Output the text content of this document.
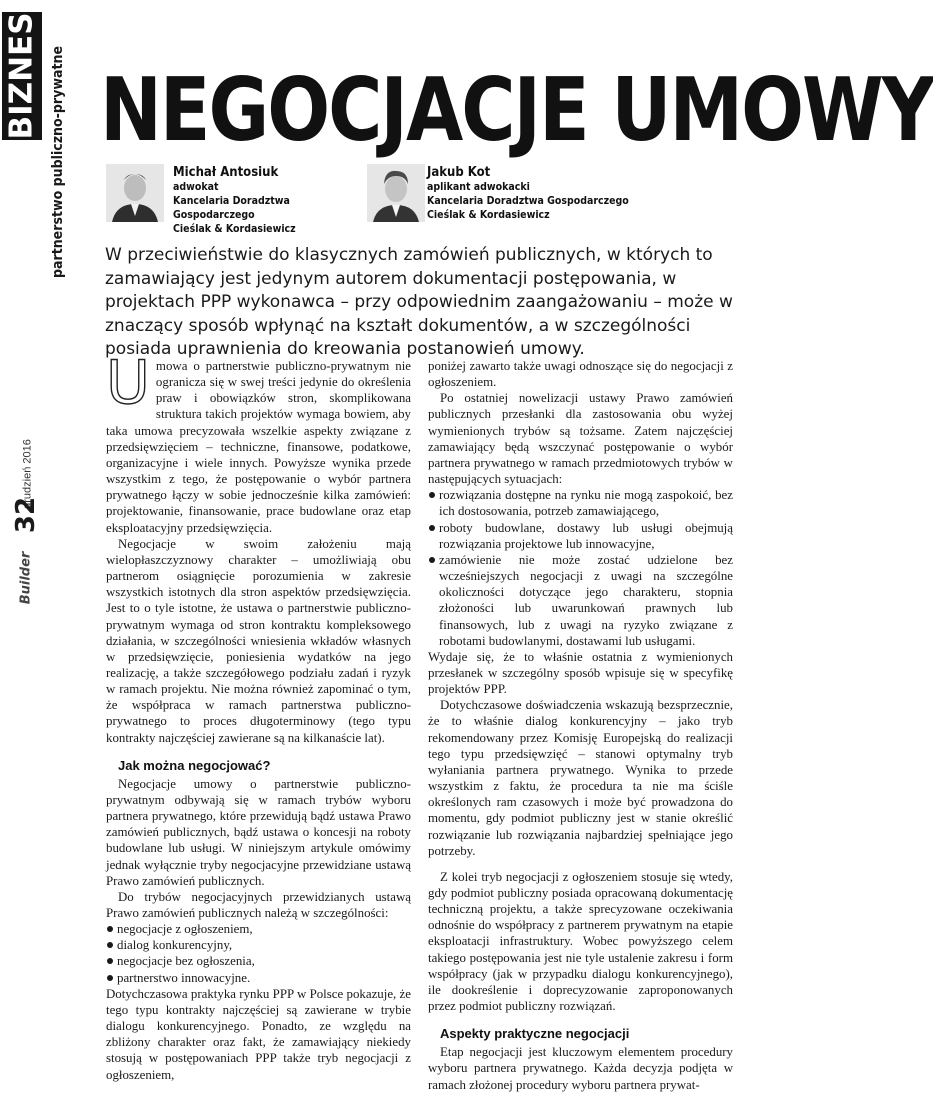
BIZNES partnerstwo publiczno-prywatne
grudzień 2016
32
Builder
NEGOCJACJE UMOWY
Michał Antosiuk
adwokat
Kancelaria Doradztwa Gospodarczego
Cieślak & Kordasiewicz
Jakub Kot
aplikant adwokacki
Kancelaria Doradztwa Gospodarczego
Cieślak & Kordasiewicz
W przeciwieństwie do klasycznych zamówień publicznych, w których to zamawiający jest jedynym autorem dokumentacji postępowania, w projektach PPP wykonawca – przy odpowiednim zaangażowaniu – może w znaczący sposób wpłynąć na kształt dokumentów, a w szczególności posiada uprawnienia do kreowania postanowień umowy.

Umowa o partnerstwie publiczno-prywatnym nie ogranicza się w swej treści jedynie do określenia praw i obowiązków stron, skomplikowana struktura takich projektów wymaga bowiem, aby taka umowa precyzowała wszelkie aspekty związane z przedsięwzięciem – techniczne, finansowe, podatkowe, organizacyjne i wiele innych. Powyższe wynika przede wszystkim z tego, że postępowanie o wybór partnera prywatnego łączy w sobie jednocześnie kilka zamówień: projektowanie, finansowanie, prace budowlane oraz etap eksploatacyjny przedsięwzięcia.

Negocjacje w swoim założeniu mają wielopłaszczyznowy charakter – umożliwiają obu partnerom osiągnięcie porozumienia w zakresie wszystkich istotnych dla stron aspektów przedsięwzięcia. Jest to o tyle istotne, że ustawa o partnerstwie publiczno-prywatnym wymaga od stron kontraktu kompleksowego działania, w szczególności wniesienia wkładów własnych w przedsięwzięcie, poniesienia wydatków na jego realizację, a także szczegółowego podziału zadań i ryzyk w ramach projektu. Nie można również zapominać o tym, że współpraca w ramach partnerstwa publiczno-prywatnego to proces długoterminowy (tego typu kontrakty najczęściej zawierane są na kilkanaście lat).

Jak można negocjować?

Negocjacje umowy o partnerstwie publiczno-prywatnym odbywają się w ramach trybów wyboru partnera prywatnego, które przewidują bądź ustawa Prawo zamówień publicznych, bądź ustawa o koncesji na roboty budowlane lub usługi. W niniejszym artykule omówimy jednak wyłącznie tryby negocjacyjne przewidziane ustawą Prawo zamówień publicznych.

Do trybów negocjacyjnych przewidzianych ustawą Prawo zamówień publicznych należą w szczególności:

negocjacje z ogłoszeniem,
dialog konkurencyjny,
negocjacje bez ogłoszenia,
partnerstwo innowacyjne.

Dotychczasowa praktyka rynku PPP w Polsce pokazuje, że tego typu kontrakty najczęściej są zawierane w trybie dialogu konkurencyjnego. Ponadto, ze względu na zbliżony charakter oraz fakt, że zamawiający niekiedy stosują w postępowaniach PPP także tryb negocjacji z ogłoszeniem,

poniżej zawarto także uwagi odnoszące się do negocjacji z ogłoszeniem.

Po ostatniej nowelizacji ustawy Prawo zamówień publicznych przesłanki dla zastosowania obu wyżej wymienionych trybów są tożsame. Zatem najczęściej zamawiający będą wszczynać postępowanie o wybór partnera prywatnego w ramach przedmiotowych trybów w następujących sytuacjach:

rozwiązania dostępne na rynku nie mogą zaspokoić, bez ich dostosowania, potrzeb zamawiającego,
roboty budowlane, dostawy lub usługi obejmują rozwiązania projektowe lub innowacyjne,
zamówienie nie może zostać udzielone bez wcześniejszych negocjacji z uwagi na szczególne okoliczności dotyczące jego charakteru, stopnia złożoności lub uwarunkowań prawnych lub finansowych, lub z uwagi na ryzyko związane z robotami budowlanymi, dostawami lub usługami.

Wydaje się, że to właśnie ostatnia z wymienionych przesłanek w szczególny sposób wpisuje się w specyfikę projektów PPP.

Dotychczasowe doświadczenia wskazują bezsprzecznie, że to właśnie dialog konkurencyjny – jako tryb rekomendowany przez Komisję Europejską do realizacji tego typu przedsięwzięć – stanowi optymalny tryb wyłaniania partnera prywatnego. Wynika to przede wszystkim z faktu, że procedura ta nie ma ściśle określonych ram czasowych i może być prowadzona do momentu, gdy podmiot publiczny jest w stanie określić rozwiązanie lub rozwiązania najbardziej spełniające jego potrzeby.

Z kolei tryb negocjacji z ogłoszeniem stosuje się wtedy, gdy podmiot publiczny posiada opracowaną dokumentację techniczną projektu, a także sprecyzowane oczekiwania odnośnie do współpracy z partnerem prywatnym na etapie eksploatacji infrastruktury. Wobec powyższego celem takiego postępowania jest nie tyle ustalenie zakresu i form współpracy (jak w przypadku dialogu konkurencyjnego), ile dookreślenie i doprecyzowanie zaproponowanych przez podmiot publiczny rozwiązań.

Aspekty praktyczne negocjacji

Etap negocjacji jest kluczowym elementem procedury wyboru partnera prywatnego. Każda decyzja podjęta w ramach złożonej procedury wyboru partnera prywat-
